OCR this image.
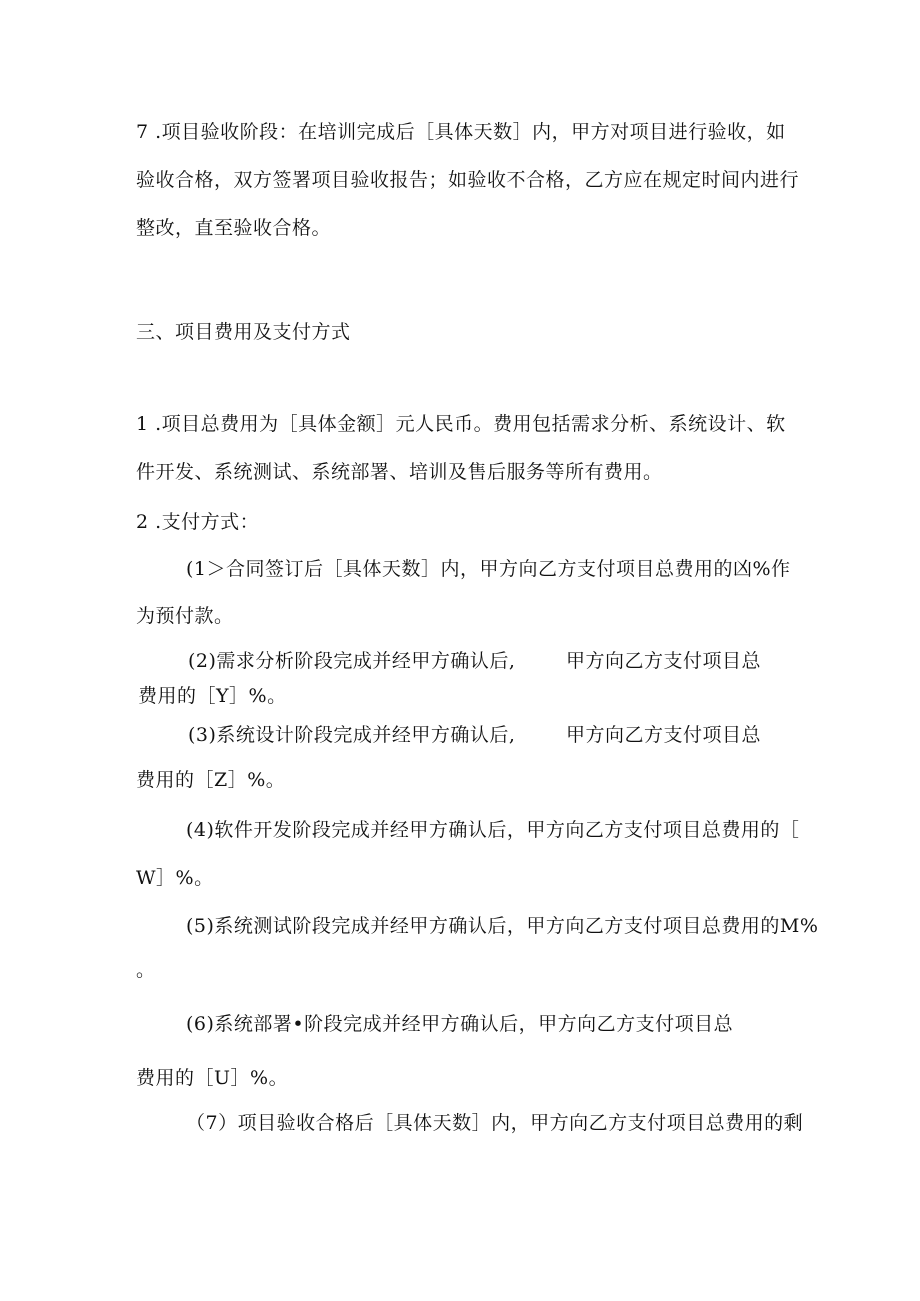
7 .项目验收阶段：在培训完成后［具体天数］内，甲方对项目进行验收，如
验收合格，双方签署项目验收报告；如验收不合格，乙方应在规定时间内进行
整改，直至验收合格。
三、项目费用及支付方式
1 .项目总费用为［具体金额］元人民币。费用包括需求分析、系统设计、软
件开发、系统测试、系统部署、培训及售后服务等所有费用。
2 .支付方式：
(1＞合同签订后［具体天数］内，甲方向乙方支付项目总费用的凶%作
为预付款。
(2)需求分析阶段完成并经甲方确认后,	甲方向乙方支付项目总
费用的［Y］%。
(3)系统设计阶段完成并经甲方确认后,	甲方向乙方支付项目总
费用的［Z］%。
(4)软件开发阶段完成并经甲方确认后，甲方向乙方支付项目总费用的［
W］%。
(5)系统测试阶段完成并经甲方确认后，甲方向乙方支付项目总费用的M%
。
(6)系统部署•阶段完成并经甲方确认后，甲方向乙方支付项目总
费用的［U］%。
（7）项目验收合格后［具体天数］内，甲方向乙方支付项目总费用的剩
